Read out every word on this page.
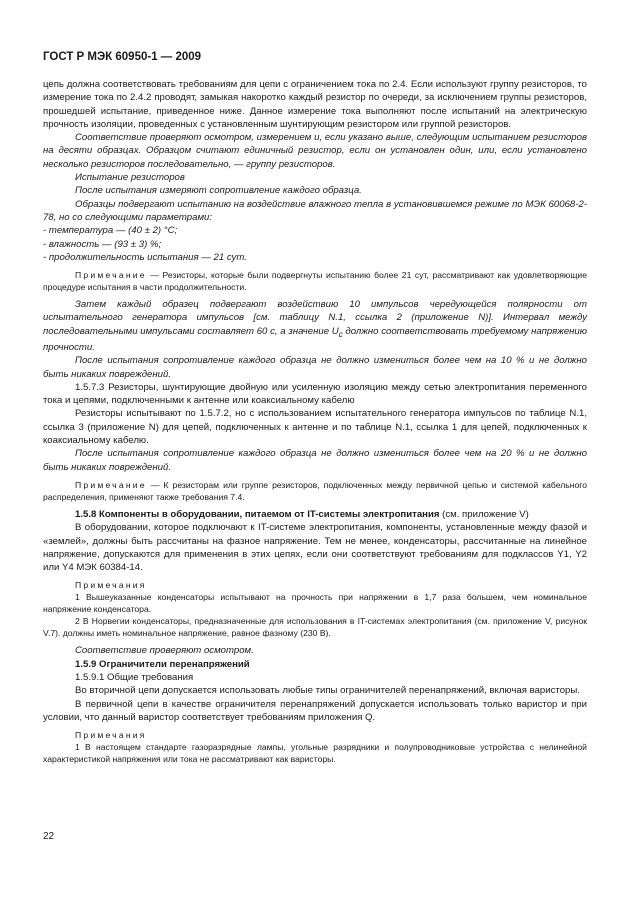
ГОСТ Р МЭК 60950-1 — 2009

цепь должна соответствовать требованиям для цепи с ограничением тока по 2.4. Если используют группу резисторов, то измерение тока по 2.4.2 проводят, замыкая накоротко каждый резистор по очереди, за исключением группы резисторов, прошедшей испытание, приведенное ниже. Данное измерение тока выполняют после испытаний на электрическую прочность изоляции, проведенных с установленным шунтирующим резистором или группой резисторов.

Соответствие проверяют осмотром, измерением и, если указано выше, следующим испытанием резисторов на десяти образцах. Образцом считают единичный резистор, если он установлен один, или, если установлено несколько резисторов последовательно, — группу резисторов.

Испытание резисторов

После испытания измеряют сопротивление каждого образца.

Образцы подвергают испытанию на воздействие влажного тепла в установившемся режиме по МЭК 60068-2-78, но со следующими параметрами:

- температура — (40 ± 2) °С;

- влажность — (93 ± 3) %;

- продолжительность испытания — 21 сут.

Примечание — Резисторы, которые были подвергнуты испытанию более 21 сут, рассматривают как удовлетворяющие процедуре испытания в части продолжительности.

Затем каждый образец подвергают воздействию 10 импульсов чередующейся полярности от испытательного генератора импульсов [см. таблицу N.1, ссылка 2 (приложение N)]. Интервал между последовательными импульсами составляет 60 с, а значение $U_c$ должно соответствовать требуемому напряжению прочности.

После испытания сопротивление каждого образца не должно измениться более чем на 10 % и не должно быть никаких повреждений.

1.5.7.3 Резисторы, шунтирующие двойную или усиленную изоляцию между сетью электропитания переменного тока и цепями, подключенными к антенне или коаксиальному кабелю

Резисторы испытывают по 1.5.7.2, но с использованием испытательного генератора импульсов по таблице N.1, ссылка 3 (приложение N) для цепей, подключенных к антенне и по таблице N.1, ссылка 1 для цепей, подключенных к коаксиальному кабелю.

После испытания сопротивление каждого образца не должно измениться более чем на 20 % и не должно быть никаких повреждений.

Примечание — К резисторам или группе резисторов, подключенных между первичной цепью и системой кабельного распределения, применяют также требования 7.4.

1.5.8 Компоненты в оборудовании, питаемом от IT-системы электропитания (см. приложение V)

В оборудовании, которое подключают к IT-системе электропитания, компоненты, установленные между фазой и «землей», должны быть рассчитаны на фазное напряжение. Тем не менее, конденсаторы, рассчитанные на линейное напряжение, допускаются для применения в этих цепях, если они соответствуют требованиям для подклассов Y1, Y2 или Y4 МЭК 60384-14.

Примечания

1 Вышеуказанные конденсаторы испытывают на прочность при напряжении в 1,7 раза большем, чем номинальное напряжение конденсатора.

2 В Норвегии конденсаторы, предназначенные для использования в IT-системах электропитания (см. приложение V, рисунок V.7). должны иметь номинальное напряжение, равное фазному (230 В).

Соответствие проверяют осмотром.

1.5.9 Ограничители перенапряжений

1.5.9.1 Общие требования

Во вторичной цепи допускается использовать любые типы ограничителей перенапряжений, включая варисторы.

В первичной цепи в качестве ограничителя перенапряжений допускается использовать только варистор и при условии, что данный варистор соответствует требованиям приложения Q.

Примечания

1 В настоящем стандарте газоразрядные лампы, угольные разрядники и полупроводниковые устройства с нелинейной характеристикой напряжения или тока не рассматривают как варисторы.

22
